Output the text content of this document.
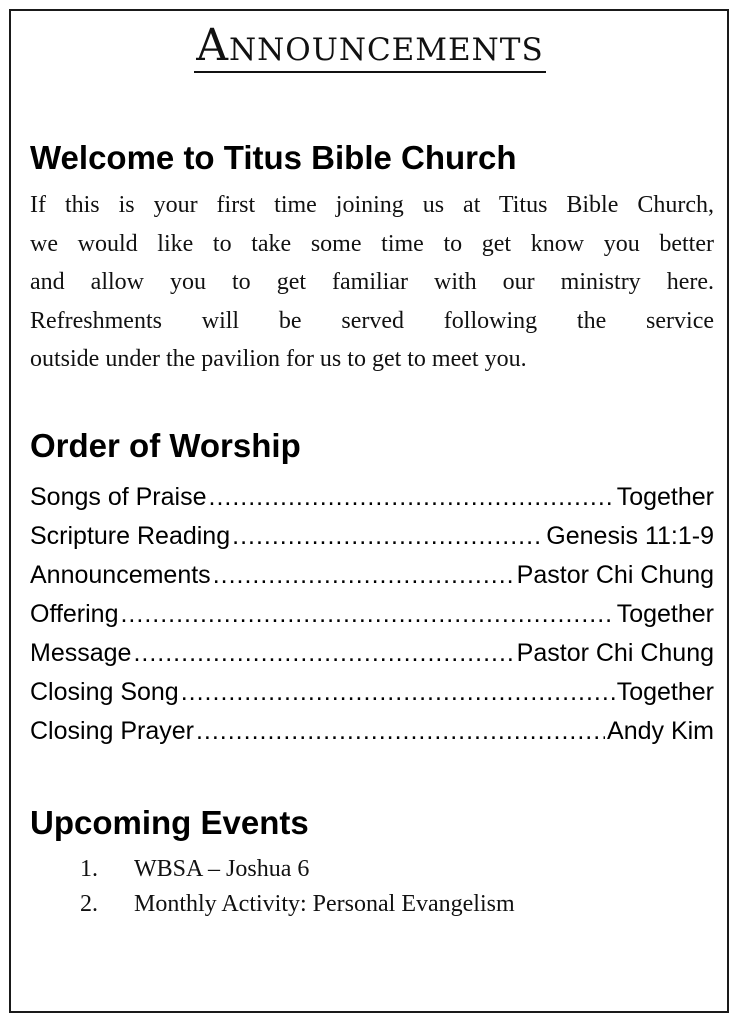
Announcements
Welcome to Titus Bible Church
If this is your first time joining us at Titus Bible Church,
we would like to take some time to get know you better
and allow you to get familiar with our ministry here.
Refreshments will be served following the service
outside under the pavilion for us to get to meet you.
Order of Worship
Songs of Praise .....	Together
Scripture Reading .....	Genesis 11:1-9
Announcements .....	Pastor Chi Chung
Offering .....	Together
Message .....	Pastor Chi Chung
Closing Song .....	Together
Closing Prayer .....	Andy Kim
Upcoming Events
1.	WBSA – Joshua 6
2.	Monthly Activity: Personal Evangelism
